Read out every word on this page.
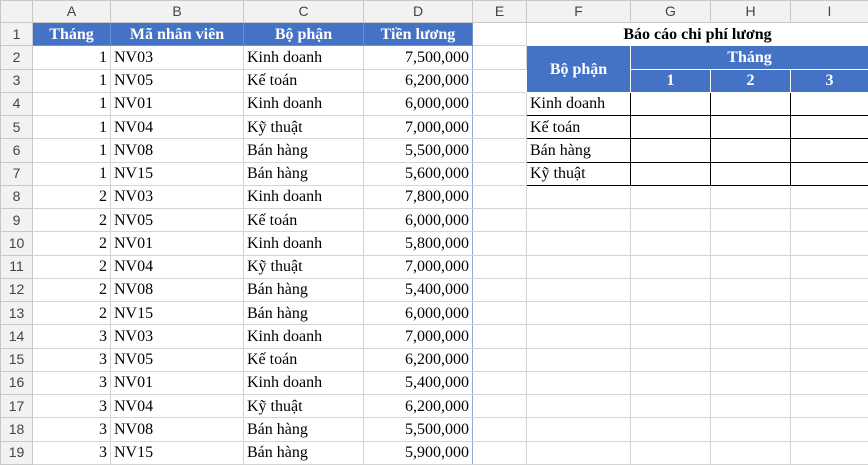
	A	B	C	D	E	F	G	H	I
1	Tháng	Mã nhân viên	Bộ phận	Tiền lương		Báo cáo chi phí lương			
2	1	NV03	Kinh doanh	7,500,000		Bộ phận	Tháng		
3	1	NV05	Kế toán	6,200,000			1	2	3
4	1	NV01	Kinh doanh	6,000,000		Kinh doanh			
5	1	NV04	Kỹ thuật	7,000,000		Kế toán			
6	1	NV08	Bán hàng	5,500,000		Bán hàng			
7	1	NV15	Bán hàng	5,600,000		Kỹ thuật			
8	2	NV03	Kinh doanh	7,800,000					
9	2	NV05	Kế toán	6,000,000					
10	2	NV01	Kinh doanh	5,800,000					
11	2	NV04	Kỹ thuật	7,000,000					
12	2	NV08	Bán hàng	5,400,000					
13	2	NV15	Bán hàng	6,000,000					
14	3	NV03	Kinh doanh	7,000,000					
15	3	NV05	Kế toán	6,200,000					
16	3	NV01	Kinh doanh	5,400,000					
17	3	NV04	Kỹ thuật	6,200,000					
18	3	NV08	Bán hàng	5,500,000					
19	3	NV15	Bán hàng	5,900,000					
